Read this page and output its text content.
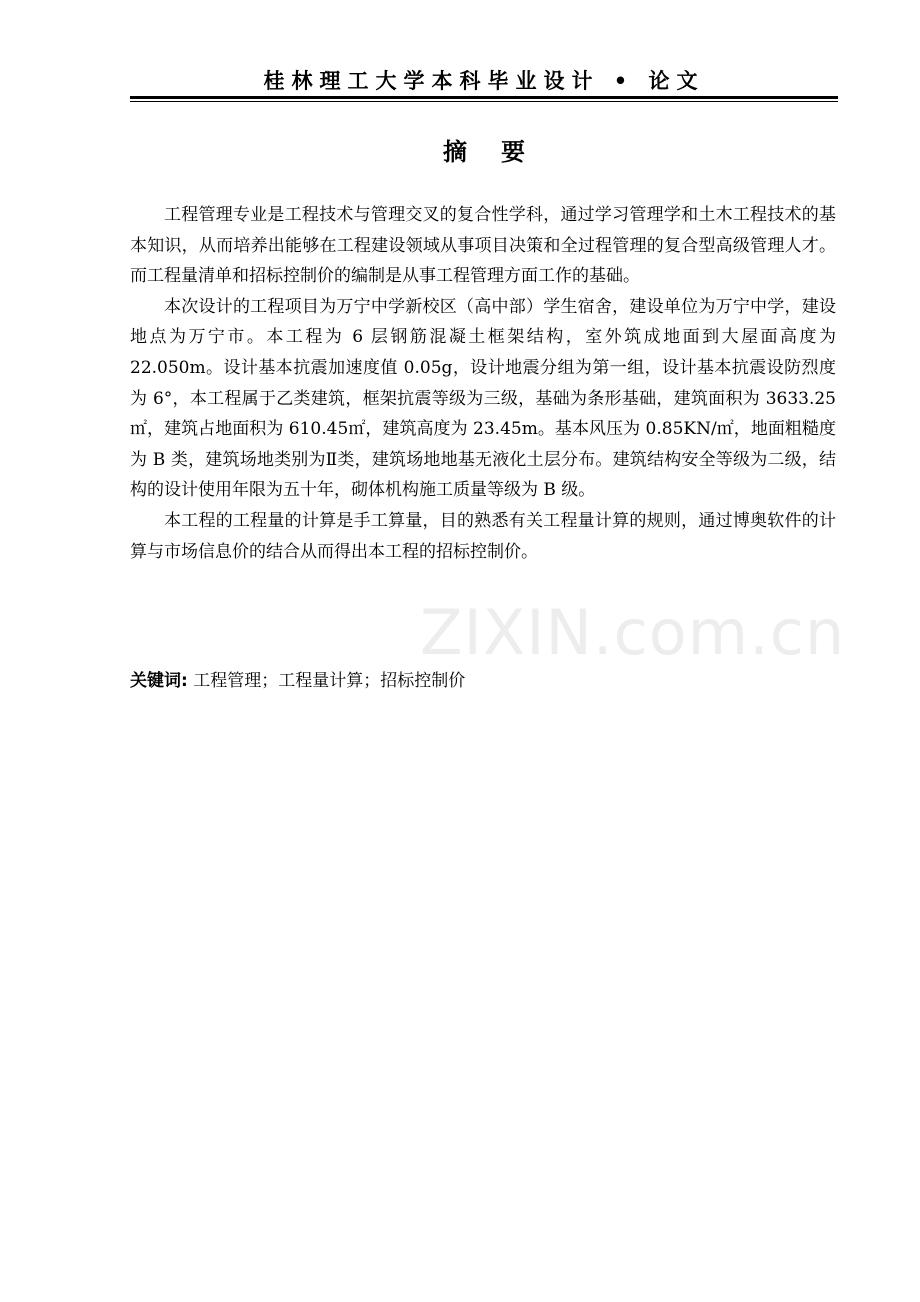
桂林理工大学本科毕业设计 • 论文
摘要

工程管理专业是工程技术与管理交叉的复合性学科，通过学习管理学和土木工程技术的基本知识，从而培养出能够在工程建设领域从事项目决策和全过程管理的复合型高级管理人才。而工程量清单和招标控制价的编制是从事工程管理方面工作的基础。

本次设计的工程项目为万宁中学新校区（高中部）学生宿舍，建设单位为万宁中学，建设地点为万宁市。本工程为 6 层钢筋混凝土框架结构，室外筑成地面到大屋面高度为 22.050m。设计基本抗震加速度值 0.05g，设计地震分组为第一组，设计基本抗震设防烈度为 6°，本工程属于乙类建筑，框架抗震等级为三级，基础为条形基础，建筑面积为 3633.25㎡，建筑占地面积为 610.45㎡，建筑高度为 23.45m。基本风压为 0.85KN/㎡，地面粗糙度为 B 类，建筑场地类别为Ⅱ类，建筑场地地基无液化土层分布。建筑结构安全等级为二级，结构的设计使用年限为五十年，砌体机构施工质量等级为 B 级。

本工程的工程量的计算是手工算量，目的熟悉有关工程量计算的规则，通过博奥软件的计算与市场信息价的结合从而得出本工程的招标控制价。

关键词: 工程管理；工程量计算；招标控制价
ZIXIN.com.cn
